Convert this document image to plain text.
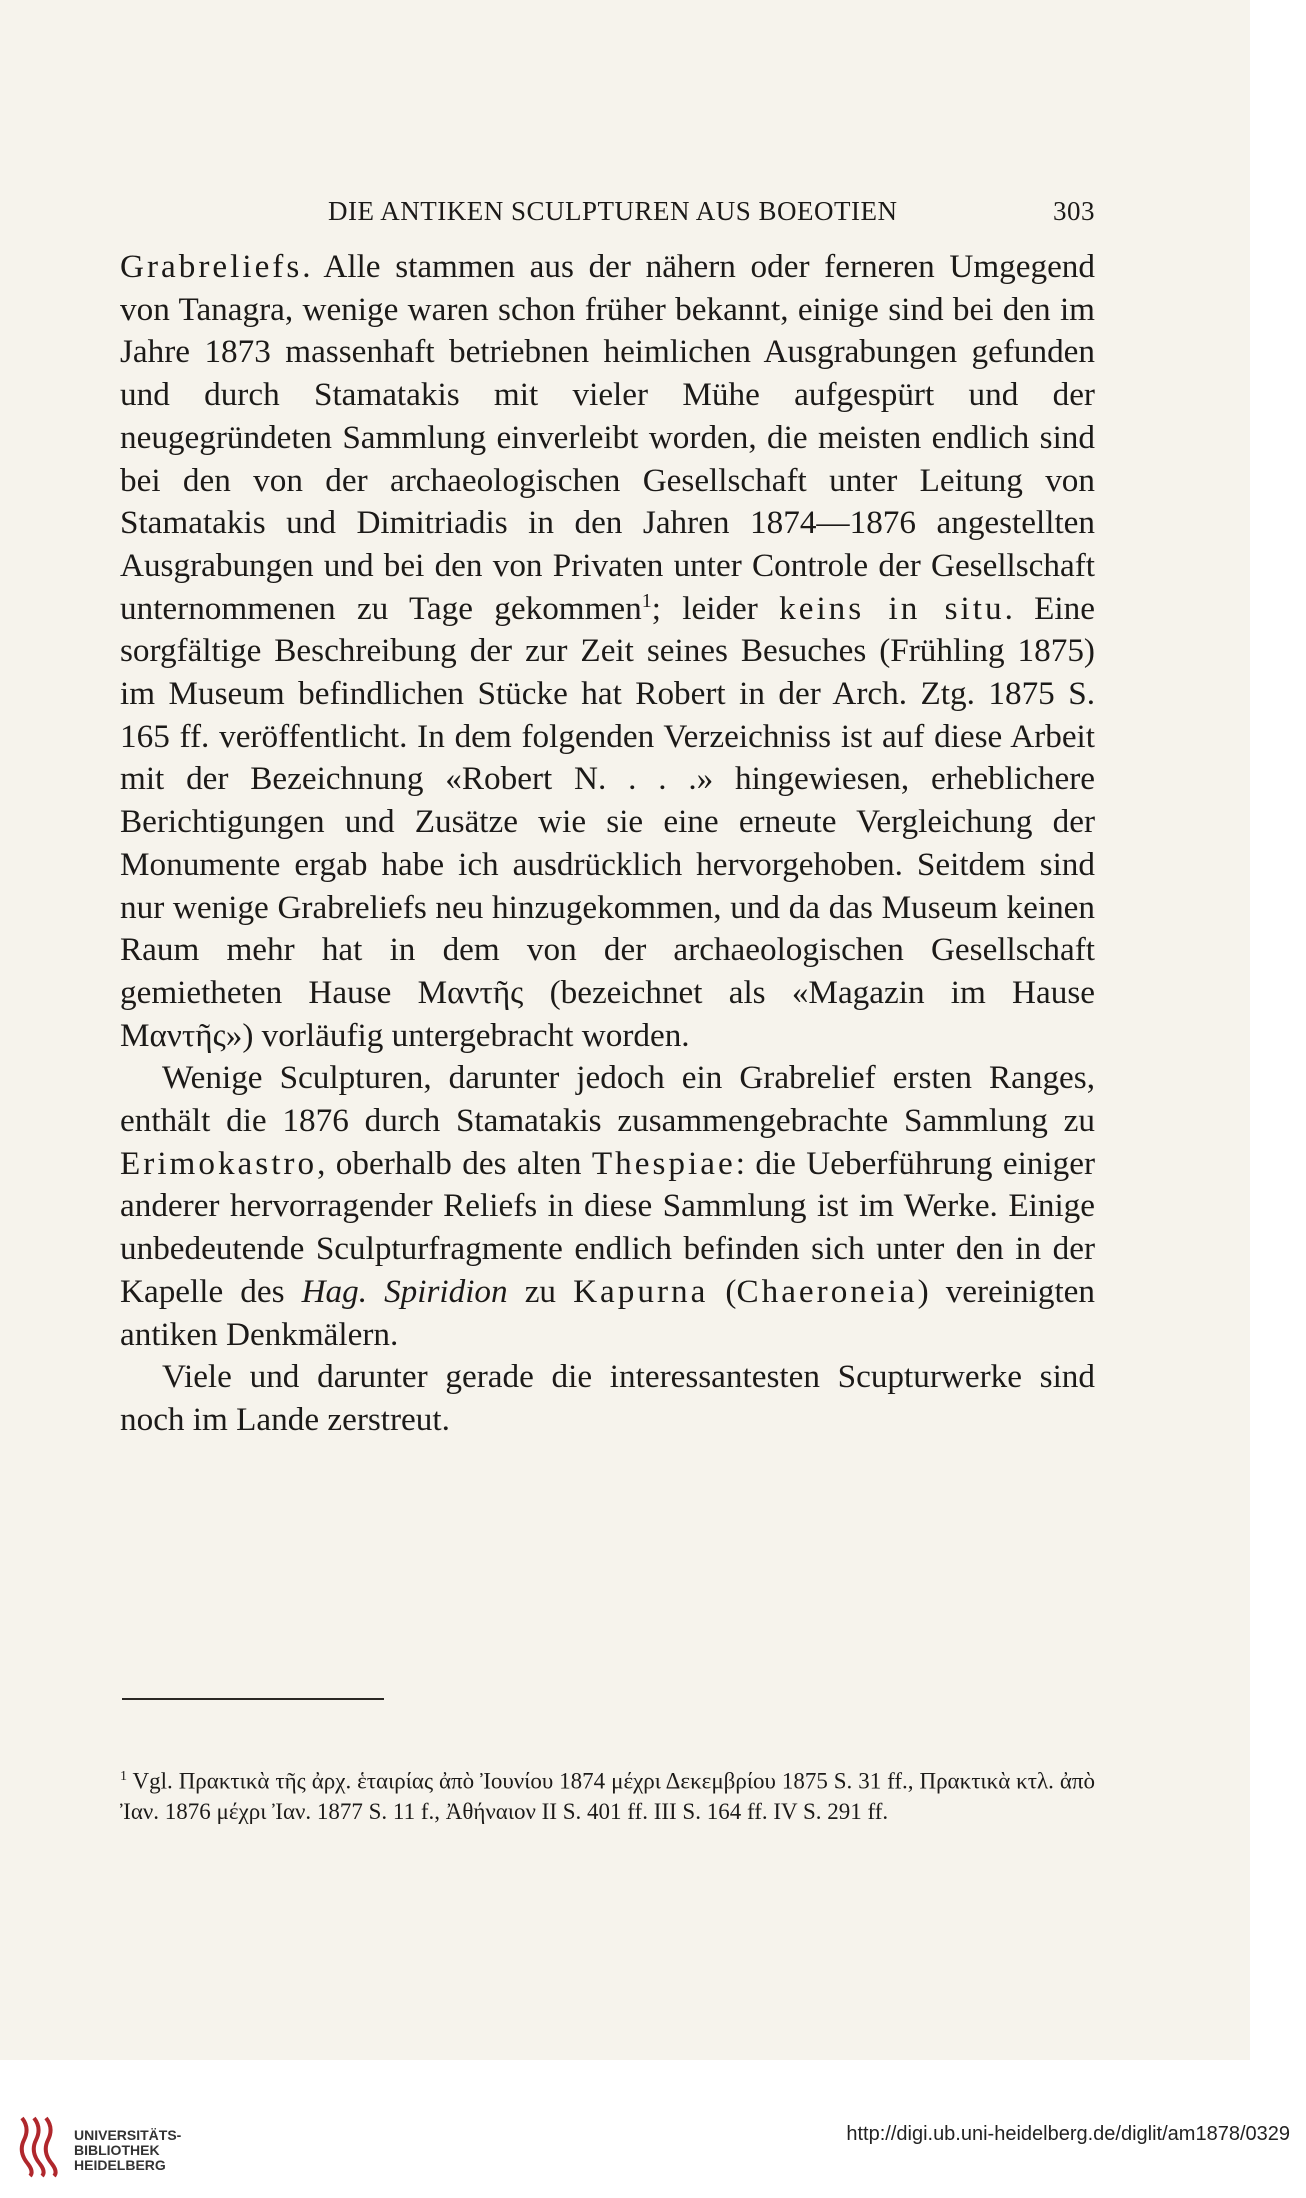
DIE ANTIKEN SCULPTUREN AUS BOEOTIEN	303

Grabreliefs. Alle stammen aus der nähern oder ferneren Umgegend von Tanagra, wenige waren schon früher bekannt, einige sind bei den im Jahre 1873 massenhaft betriebnen heimlichen Ausgrabungen gefunden und durch Stamatakis mit vieler Mühe aufgespürt und der neugegründeten Sammlung einverleibt worden, die meisten endlich sind bei den von der archaeologischen Gesellschaft unter Leitung von Stamatakis und Dimitriadis in den Jahren 1874—1876 angestellten Ausgrabungen und bei den von Privaten unter Controle der Gesellschaft unternommenen zu Tage gekommen$^1$; leider keins in situ. Eine sorgfältige Beschreibung der zur Zeit seines Besuches (Frühling 1875) im Museum befindlichen Stücke hat Robert in der Arch. Ztg. 1875 S. 165 ff. veröffentlicht. In dem folgenden Verzeichniss ist auf diese Arbeit mit der Bezeichnung «Robert N. . . .» hingewiesen, erheblichere Berichtigungen und Zusätze wie sie eine erneute Vergleichung der Monumente ergab habe ich ausdrücklich hervorgehoben. Seitdem sind nur wenige Grabreliefs neu hinzugekommen, und da das Museum keinen Raum mehr hat in dem von der archaeologischen Gesellschaft gemietheten Hause Μαντῆς (bezeichnet als «Magazin im Hause Μαντῆς») vorläufig untergebracht worden.

Wenige Sculpturen, darunter jedoch ein Grabrelief ersten Ranges, enthält die 1876 durch Stamatakis zusammengebrachte Sammlung zu Erimokastro, oberhalb des alten Thespiae: die Ueberführung einiger anderer hervorragender Reliefs in diese Sammlung ist im Werke. Einige unbedeutende Sculpturfragmente endlich befinden sich unter den in der Kapelle des Hag. Spiridion zu Kapurna (Chaeroneia) vereinigten antiken Denkmälern.

Viele und darunter gerade die interessantesten Scupturwerke sind noch im Lande zerstreut.

$^1$ Vgl. Πρακτικὰ τῆς ἀρχ. ἑταιρίας ἀπὸ Ἰουνίου 1874 μέχρι Δεκεμβρίου 1875 S. 31 ff., Πρακτικὰ κτλ. ἀπὸ Ἰαν. 1876 μέχρι Ἰαν. 1877 S. 11 f., Ἀθήναιον II S. 401 ff. III S. 164 ff. IV S. 291 ff.
UNIVERSITÄTS-
BIBLIOTHEK
HEIDELBERG
http://digi.ub.uni-heidelberg.de/diglit/am1878/0329
